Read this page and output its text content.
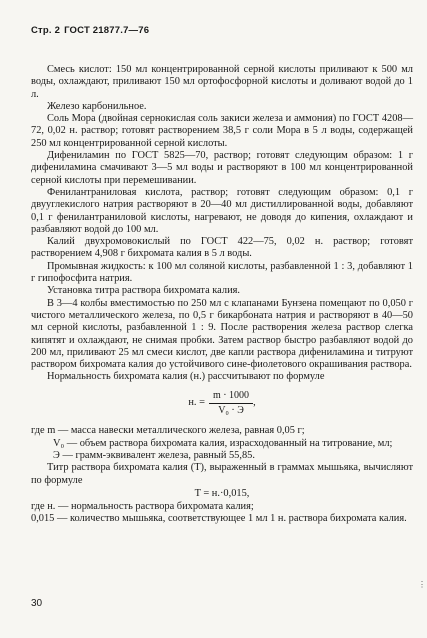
Стр. 2 ГОСТ 21877.7—76

Смесь кислот: 150 мл концентрированной серной кислоты приливают к 500 мл воды, охлаждают, приливают 150 мл ортофосфорной кислоты и доливают водой до 1 л.

Железо карбонильное.

Соль Мора (двойная сернокислая соль закиси железа и аммония) по ГОСТ 4208—72, 0,02 н. раствор; готовят растворением 38,5 г соли Мора в 5 л воды, содержащей 250 мл концентрированной серной кислоты.

Дифениламин по ГОСТ 5825—70, раствор; готовят следующим образом: 1 г дифениламина смачивают 3—5 мл воды и растворяют в 100 мл концентрированной серной кислоты при перемешивании.

Фенилантраниловая кислота, раствор; готовят следующим образом: 0,1 г двууглекислого натрия растворяют в 20—40 мл дистиллированной воды, добавляют 0,1 г фенилантраниловой кислоты, нагревают, не доводя до кипения, охлаждают и разбавляют водой до 100 мл.

Калий двухромовокислый по ГОСТ 422—75, 0,02 н. раствор; готовят растворением 4,908 г бихромата калия в 5 л воды.

Промывная жидкость: к 100 мл соляной кислоты, разбавленной 1 : 3, добавляют 1 г гипофосфита натрия.

Установка титра раствора бихромата калия.

В 3—4 колбы вместимостью по 250 мл с клапанами Бунзена помещают по 0,050 г чистого металлического железа, по 0,5 г бикарбоната натрия и растворяют в 40—50 мл серной кислоты, разбавленной 1 : 9. После растворения железа раствор слегка кипятят и охлаждают, не снимая пробки. Затем раствор быстро разбавляют водой до 200 мл, приливают 25 мл смеси кислот, две капли раствора дифениламина и титруют раствором бихромата калия до устойчивого сине-фиолетового окрашивания раствора.

Нормальность бихромата калия (н.) рассчитывают по формуле

н. = $\frac{m \cdot 1000}{\text{V₀ · Э}}$ ,
где m — масса навески металлического железа, равная 0,05 г;
V₀ — объем раствора бихромата калия, израсходованный на титрование, мл;
Э — грамм-эквивалент железа, равный 55,85.

Титр раствора бихромата калия (T), выраженный в граммах мышьяка, вычисляют по формуле

T = н.·0,015,

где н. — нормальность раствора бихромата калия;
0,015 — количество мышьяка, соответствующее 1 мл 1 н. раствора бихромата калия.
30
⋮
